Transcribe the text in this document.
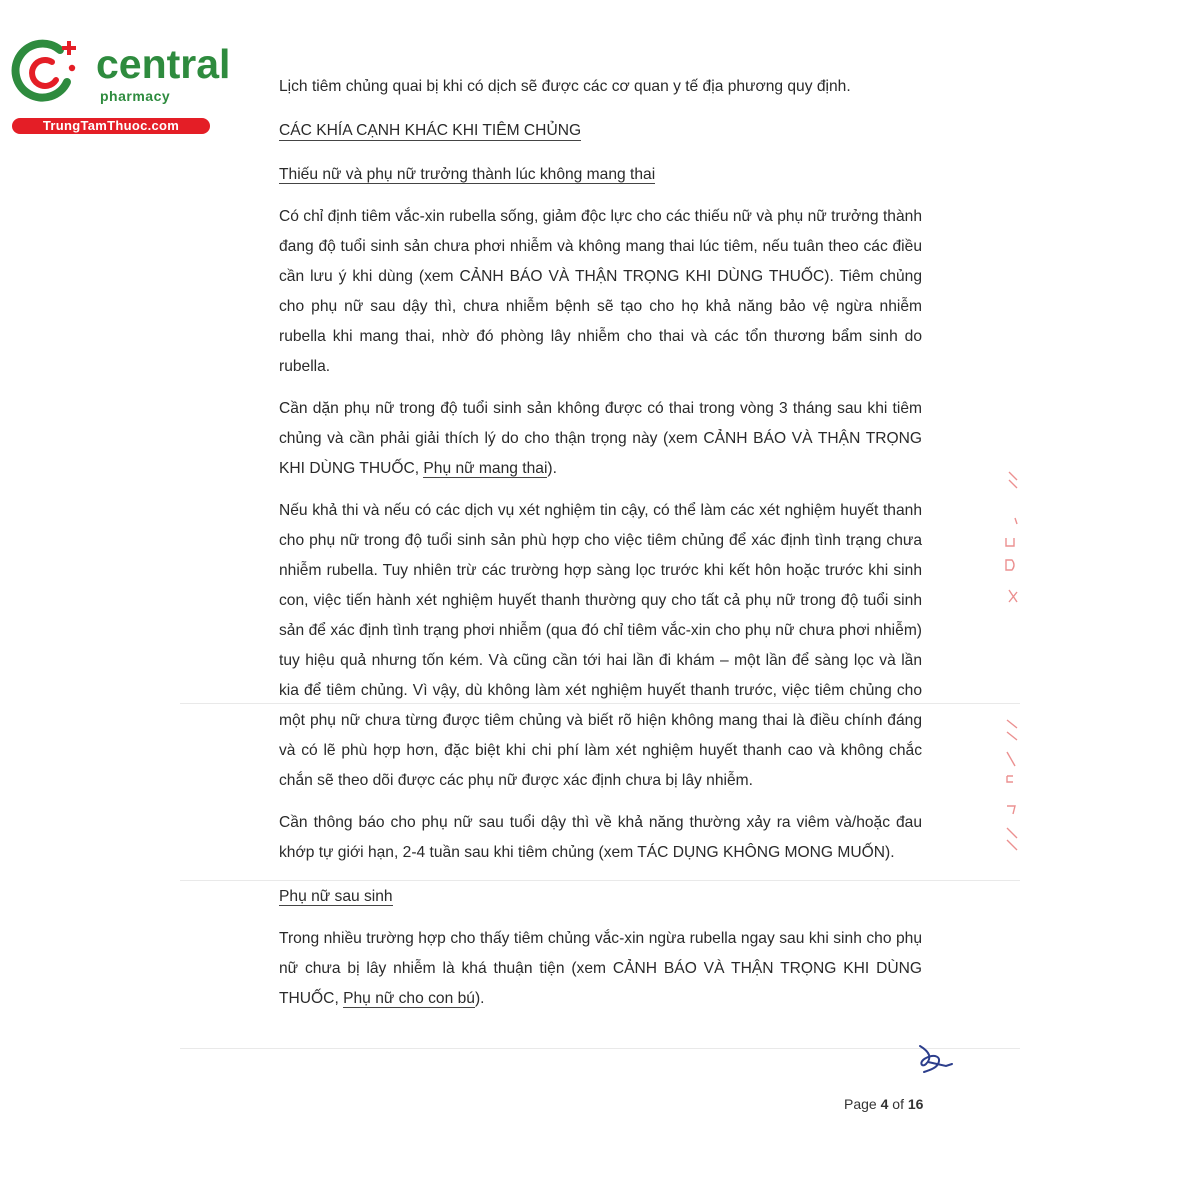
central
pharmacy
TrungTamThuoc.com

Lịch tiêm chủng quai bị khi có dịch sẽ được các cơ quan y tế địa phương quy định.

CÁC KHÍA CẠNH KHÁC KHI TIÊM CHỦNG

Thiếu nữ và phụ nữ trưởng thành lúc không mang thai

Có chỉ định tiêm vắc-xin rubella sống, giảm độc lực cho các thiếu nữ và phụ nữ trưởng thành đang độ tuổi sinh sản chưa phơi nhiễm và không mang thai lúc tiêm, nếu tuân theo các điều cần lưu ý khi dùng (xem CẢNH BÁO VÀ THẬN TRỌNG KHI DÙNG THUỐC). Tiêm chủng cho phụ nữ sau dậy thì, chưa nhiễm bệnh sẽ tạo cho họ khả năng bảo vệ ngừa nhiễm rubella khi mang thai, nhờ đó phòng lây nhiễm cho thai và các tổn thương bẩm sinh do rubella.

Cần dặn phụ nữ trong độ tuổi sinh sản không được có thai trong vòng 3 tháng sau khi tiêm chủng và cần phải giải thích lý do cho thận trọng này (xem CẢNH BÁO VÀ THẬN TRỌNG KHI DÙNG THUỐC, Phụ nữ mang thai).

Nếu khả thi và nếu có các dịch vụ xét nghiệm tin cậy, có thể làm các xét nghiệm huyết thanh cho phụ nữ trong độ tuổi sinh sản phù hợp cho việc tiêm chủng để xác định tình trạng chưa nhiễm rubella. Tuy nhiên trừ các trường hợp sàng lọc trước khi kết hôn hoặc trước khi sinh con, việc tiến hành xét nghiệm huyết thanh thường quy cho tất cả phụ nữ trong độ tuổi sinh sản để xác định tình trạng phơi nhiễm (qua đó chỉ tiêm vắc-xin cho phụ nữ chưa phơi nhiễm) tuy hiệu quả nhưng tốn kém. Và cũng cần tới hai lần đi khám – một lần để sàng lọc và lần kia để tiêm chủng. Vì vậy, dù không làm xét nghiệm huyết thanh trước, việc tiêm chủng cho một phụ nữ chưa từng được tiêm chủng và biết rõ hiện không mang thai là điều chính đáng và có lẽ phù hợp hơn, đặc biệt khi chi phí làm xét nghiệm huyết thanh cao và không chắc chắn sẽ theo dõi được các phụ nữ được xác định chưa bị lây nhiễm.

Cần thông báo cho phụ nữ sau tuổi dậy thì về khả năng thường xảy ra viêm và/hoặc đau khớp tự giới hạn, 2-4 tuần sau khi tiêm chủng (xem TÁC DỤNG KHÔNG MONG MUỐN).

Phụ nữ sau sinh

Trong nhiều trường hợp cho thấy tiêm chủng vắc-xin ngừa rubella ngay sau khi sinh cho phụ nữ chưa bị lây nhiễm là khá thuận tiện (xem CẢNH BÁO VÀ THẬN TRỌNG KHI DÙNG THUỐC, Phụ nữ cho con bú).

Page 4 of 16
